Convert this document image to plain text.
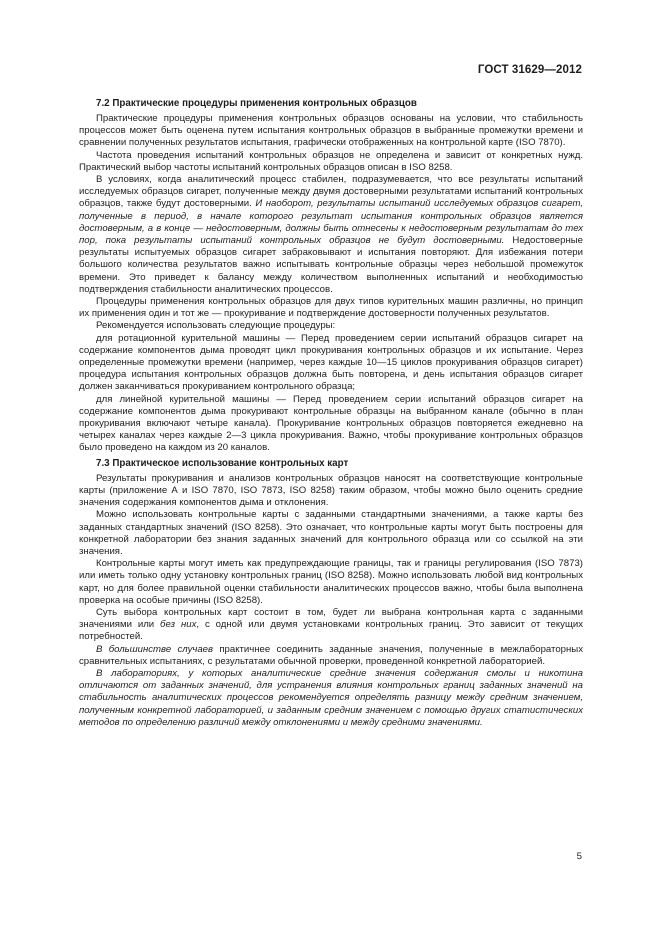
ГОСТ 31629—2012
7.2 Практические процедуры применения контрольных образцов

Практические процедуры применения контрольных образцов основаны на условии, что стабильность процессов может быть оценена путем испытания контрольных образцов в выбранные промежутки времени и сравнении полученных результатов испытания, графически отображенных на контрольной карте (ISO 7870).

Частота проведения испытаний контрольных образцов не определена и зависит от конкретных нужд. Практический выбор частоты испытаний контрольных образцов описан в ISO 8258.

В условиях, когда аналитический процесс стабилен, подразумевается, что все результаты испытаний исследуемых образцов сигарет, полученные между двумя достоверными результатами испытаний контрольных образцов, также будут достоверными. И наоборот, результаты испытаний исследуемых образцов сигарет, полученные в период, в начале которого результат испытания контрольных образцов является достоверным, а в конце — недостоверным, должны быть отнесены к недостоверным результатам до тех пор, пока результаты испытаний контрольных образцов не будут достоверными. Недостоверные результаты испытуемых образцов сигарет забраковывают и испытания повторяют. Для избежания потери большого количества результатов важно испытывать контрольные образцы через небольшой промежуток времени. Это приведет к балансу между количеством выполненных испытаний и необходимостью подтверждения стабильности аналитических процессов.

Процедуры применения контрольных образцов для двух типов курительных машин различны, но принцип их применения один и тот же — прокуривание и подтверждение достоверности полученных результатов.

Рекомендуется использовать следующие процедуры:

для ротационной курительной машины — Перед проведением серии испытаний образцов сигарет на содержание компонентов дыма проводят цикл прокуривания контрольных образцов и их испытание. Через определенные промежутки времени (например, через каждые 10—15 циклов прокуривания образцов сигарет) процедура испытания контрольных образцов должна быть повторена, и день испытания образцов сигарет должен заканчиваться прокуриванием контрольного образца;

для линейной курительной машины — Перед проведением серии испытаний образцов сигарет на содержание компонентов дыма прокуривают контрольные образцы на выбранном канале (обычно в план прокуривания включают четыре канала). Прокуривание контрольных образцов повторяется ежедневно на четырех каналах через каждые 2—3 цикла прокуривания. Важно, чтобы прокуривание контрольных образцов было проведено на каждом из 20 каналов.

7.3 Практическое использование контрольных карт

Результаты прокуривания и анализов контрольных образцов наносят на соответствующие контрольные карты (приложение А и ISO 7870, ISO 7873, ISO 8258) таким образом, чтобы можно было оценить средние значения содержания компонентов дыма и отклонения.

Можно использовать контрольные карты с заданными стандартными значениями, а также карты без заданных стандартных значений (ISO 8258). Это означает, что контрольные карты могут быть построены для конкретной лаборатории без знания заданных значений для контрольного образца или со ссылкой на эти значения.

Контрольные карты могут иметь как предупреждающие границы, так и границы регулирования (ISO 7873) или иметь только одну установку контрольных границ (ISO 8258). Можно использовать любой вид контрольных карт, но для более правильной оценки стабильности аналитических процессов важно, чтобы была выполнена проверка на особые причины (ISO 8258).

Суть выбора контрольных карт состоит в том, будет ли выбрана контрольная карта с заданными значениями или без них, с одной или двумя установками контрольных границ. Это зависит от текущих потребностей.

В большинстве случаев практичнее соединить заданные значения, полученные в межлабораторных сравнительных испытаниях, с результатами обычной проверки, проведенной конкретной лабораторией.

В лабораториях, у которых аналитические средние значения содержания смолы и никотина отличаются от заданных значений, для устранения влияния контрольных границ заданных значений на стабильность аналитических процессов рекомендуется определять разницу между средним значением, полученным конкретной лабораторией, и заданным средним значением с помощью других статистических методов по определению различий между отклонениями и между средними значениями.

5
